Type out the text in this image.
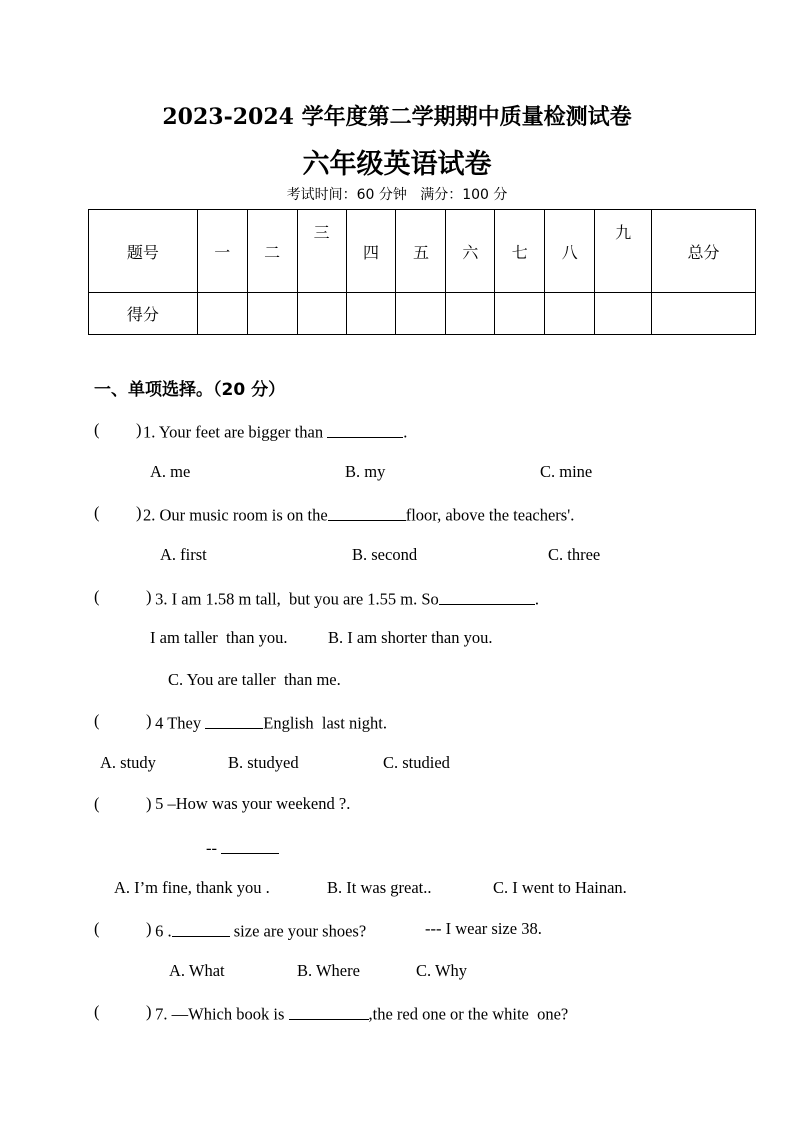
2023-2024 学年度第二学期期中质量检测试卷
六年级英语试卷
考试时间：60 分钟   满分：100 分
题号	一	二	三	四	五	六	七	八	九	总分
得分										
一、单项选择。（20 分）
( ) 1. Your feet are bigger than	.
A. me	B. my	C. mine
( ) 2. Our music room is on the	floor, above the teachers'.
A. first	B. second	C. three
(	) 3. I am 1.58 m tall,  but you are 1.55 m. So	.
I am taller  than you. B. I am shorter than you.
C. You are taller  than me.
(	) 4 They	English  last night.
A. study	B. studyed	C. studied
(	) 5 –How was your weekend ?.
--
A. I’m fine, thank you .	B. It was great..	C. I went to Hainan.
(	) 6 .	size are your shoes?	--- I wear size 38.
A. What	B. Where	C. Why
(	) 7. —Which book is	,the red one or the white  one?
